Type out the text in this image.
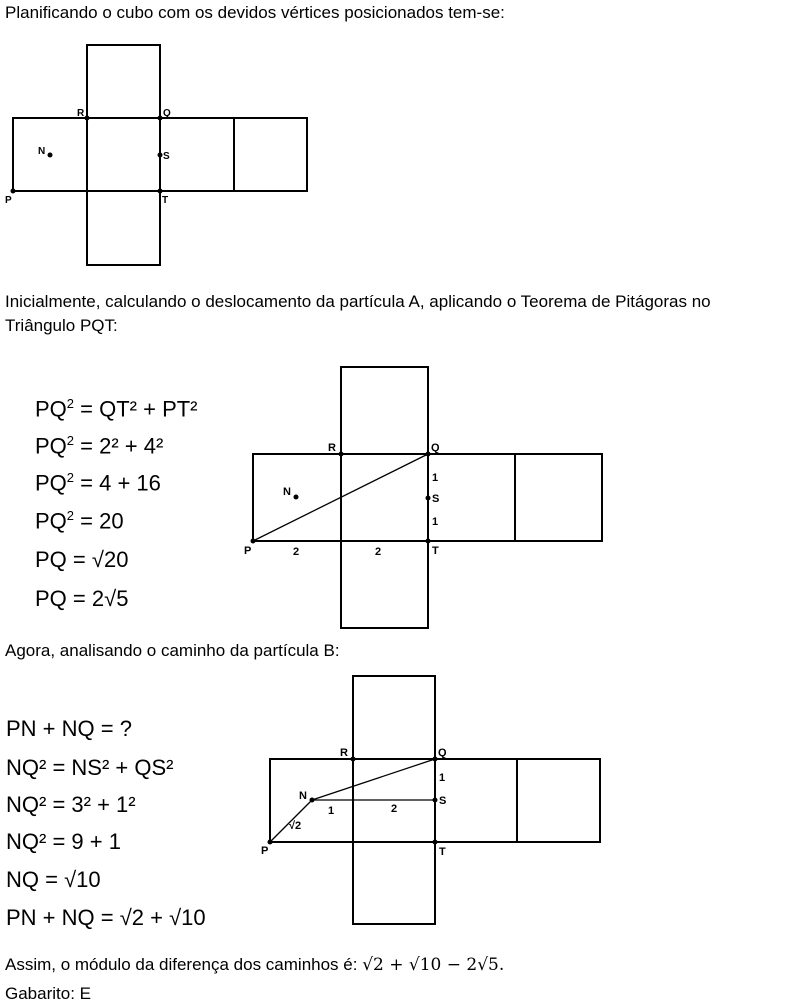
Planificando o cubo com os devidos vértices posicionados tem-se:
R	Q
S
T
P
N
R	Q
S
T
P
N
1
1
2	2
R	Q
S
T
P
N
1
1	2
√2
Inicialmente, calculando o deslocamento da partícula A, aplicando o Teorema de Pitágoras no
Triângulo PQT:
$PQ^2 = QT^2 + PT^2$
$PQ^2 = 2^2 + 4^2$
$PQ^2 = 4 + 16$
$PQ^2 = 20$
PQ = √20
PQ = 2√5
Agora, analisando o caminho da partícula B:
PN + NQ = ?
NQ² = NS² + QS²
NQ² = 3² + 1²
NQ² = 9 + 1
NQ = √10
PN + NQ = √2 + √10
Assim, o módulo da diferença dos caminhos é: √2 + √10 − 2√5.
Gabarito: E
